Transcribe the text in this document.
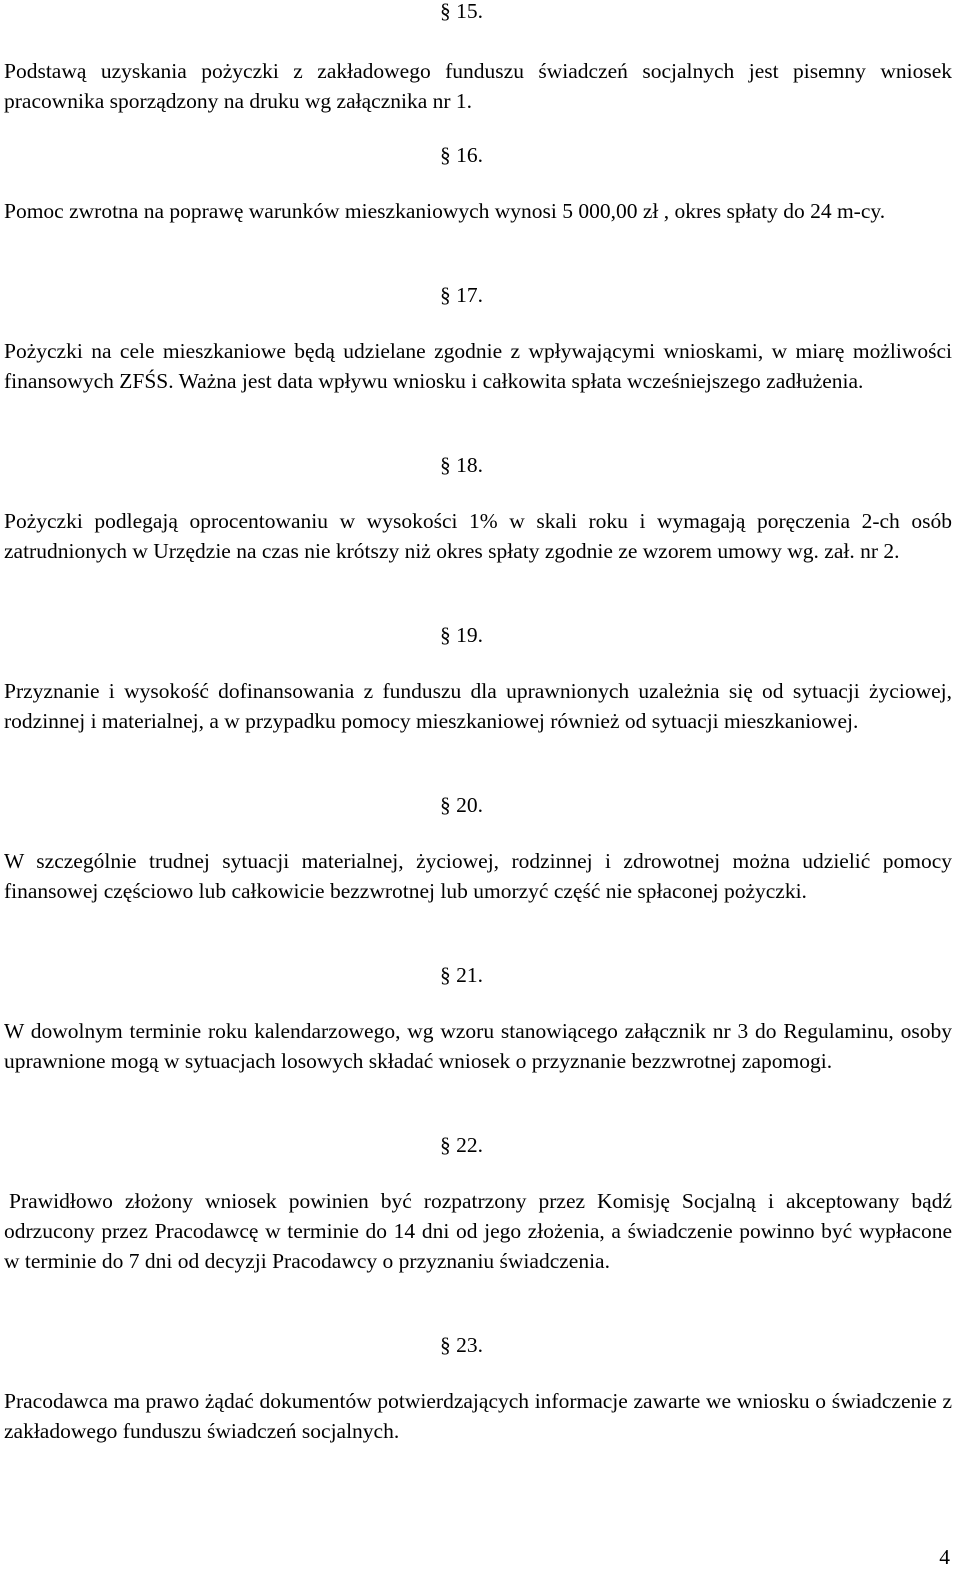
§ 15.

Podstawą uzyskania pożyczki z zakładowego funduszu świadczeń socjalnych jest pisemny wniosek pracownika sporządzony na druku wg załącznika nr 1.

§ 16.

Pomoc zwrotna na poprawę warunków mieszkaniowych wynosi 5 000,00 zł , okres spłaty do 24 m-cy.

§ 17.

Pożyczki na cele mieszkaniowe będą udzielane zgodnie z wpływającymi wnioskami, w miarę możliwości finansowych ZFŚS. Ważna jest data wpływu wniosku i całkowita spłata wcześniejszego zadłużenia.

§ 18.

Pożyczki podlegają oprocentowaniu w wysokości 1% w skali roku i wymagają poręczenia 2-ch osób zatrudnionych w Urzędzie na czas nie krótszy niż okres spłaty zgodnie ze wzorem umowy wg. zał. nr 2.

§ 19.

Przyznanie i wysokość dofinansowania z funduszu dla uprawnionych uzależnia się od sytuacji życiowej, rodzinnej i materialnej, a w przypadku pomocy mieszkaniowej również od sytuacji mieszkaniowej.

§ 20.

W szczególnie trudnej sytuacji materialnej, życiowej, rodzinnej i zdrowotnej można udzielić pomocy finansowej częściowo lub całkowicie bezzwrotnej lub umorzyć część nie spłaconej pożyczki.

§ 21.

W dowolnym terminie roku kalendarzowego, wg wzoru stanowiącego załącznik nr 3 do Regulaminu, osoby uprawnione mogą w sytuacjach losowych składać wniosek o przyznanie bezzwrotnej zapomogi.

§ 22.

Prawidłowo złożony wniosek powinien być rozpatrzony przez Komisję Socjalną i akceptowany bądź odrzucony przez Pracodawcę w terminie do 14 dni od jego złożenia, a świadczenie powinno być wypłacone w terminie do 7 dni od decyzji Pracodawcy o przyznaniu świadczenia.

§ 23.

Pracodawca ma prawo żądać dokumentów potwierdzających informacje zawarte we wniosku o świadczenie z zakładowego funduszu świadczeń socjalnych.

4
